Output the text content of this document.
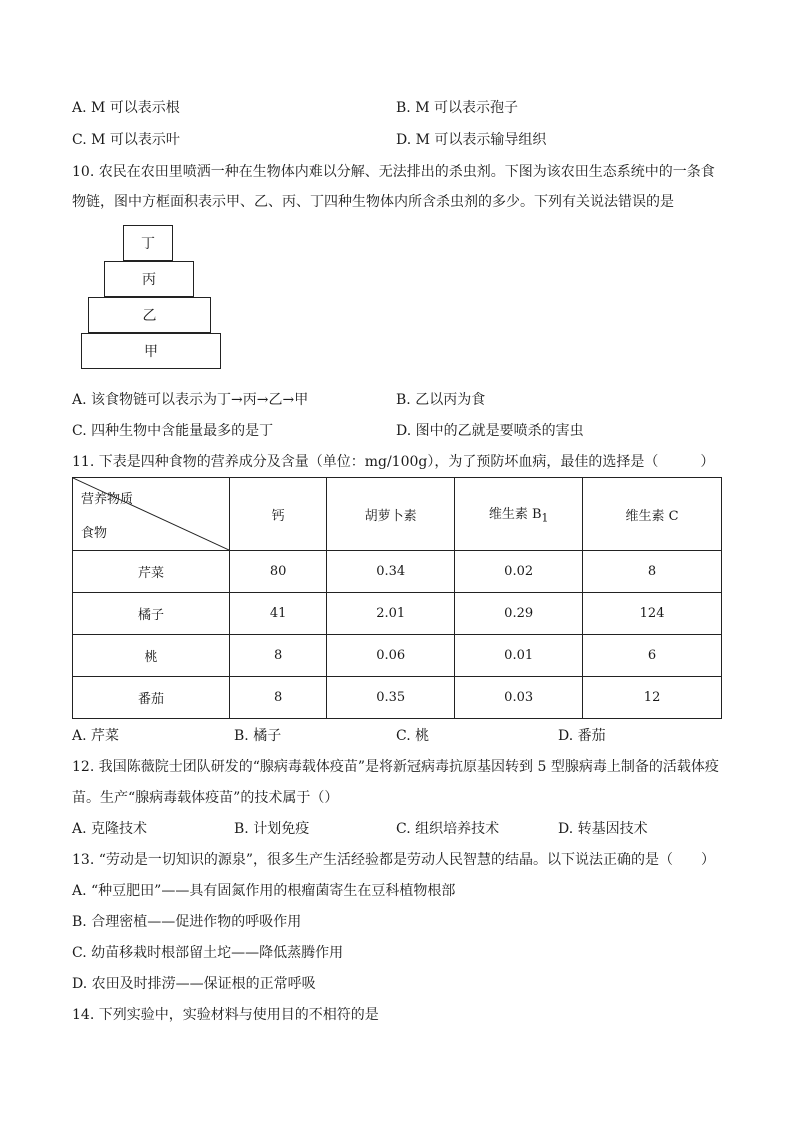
A. M 可以表示根	B. M 可以表示孢子
C. M 可以表示叶	D. M 可以表示输导组织
10. 农民在农田里喷洒一种在生物体内难以分解、无法排出的杀虫剂。下图为该农田生态系统中的一条食
物链，图中方框面积表示甲、乙、丙、丁四种生物体内所含杀虫剂的多少。下列有关说法错误的是
丁
丙
乙
甲
A. 该食物链可以表示为丁→丙→乙→甲	B. 乙以丙为食
C. 四种生物中含能量最多的是丁	D. 图中的乙就是要喷杀的害虫
11. 下表是四种食物的营养成分及含量（单位：mg/100g），为了预防坏血病，最佳的选择是（　　　）
营养物质
食物	钙	胡萝卜素	维生素 $B_1$	维生素 C
芹菜	80	0.34	0.02	8
橘子	41	2.01	0.29	124
桃	8	0.06	0.01	6
番茄	8	0.35	0.03	12
A. 芹菜	B. 橘子	C. 桃	D. 番茄
12. 我国陈薇院士团队研发的“腺病毒载体疫苗”是将新冠病毒抗原基因转到 5 型腺病毒上制备的活载体疫
苗。生产“腺病毒载体疫苗”的技术属于（）
A. 克隆技术	B. 计划免疫	C. 组织培养技术	D. 转基因技术
13. “劳动是一切知识的源泉”，很多生产生活经验都是劳动人民智慧的结晶。以下说法正确的是（　　）
A. “种豆肥田”——具有固氮作用的根瘤菌寄生在豆科植物根部
B. 合理密植——促进作物的呼吸作用
C. 幼苗移栽时根部留土坨——降低蒸腾作用
D. 农田及时排涝——保证根的正常呼吸
14. 下列实验中，实验材料与使用目的不相符的是
